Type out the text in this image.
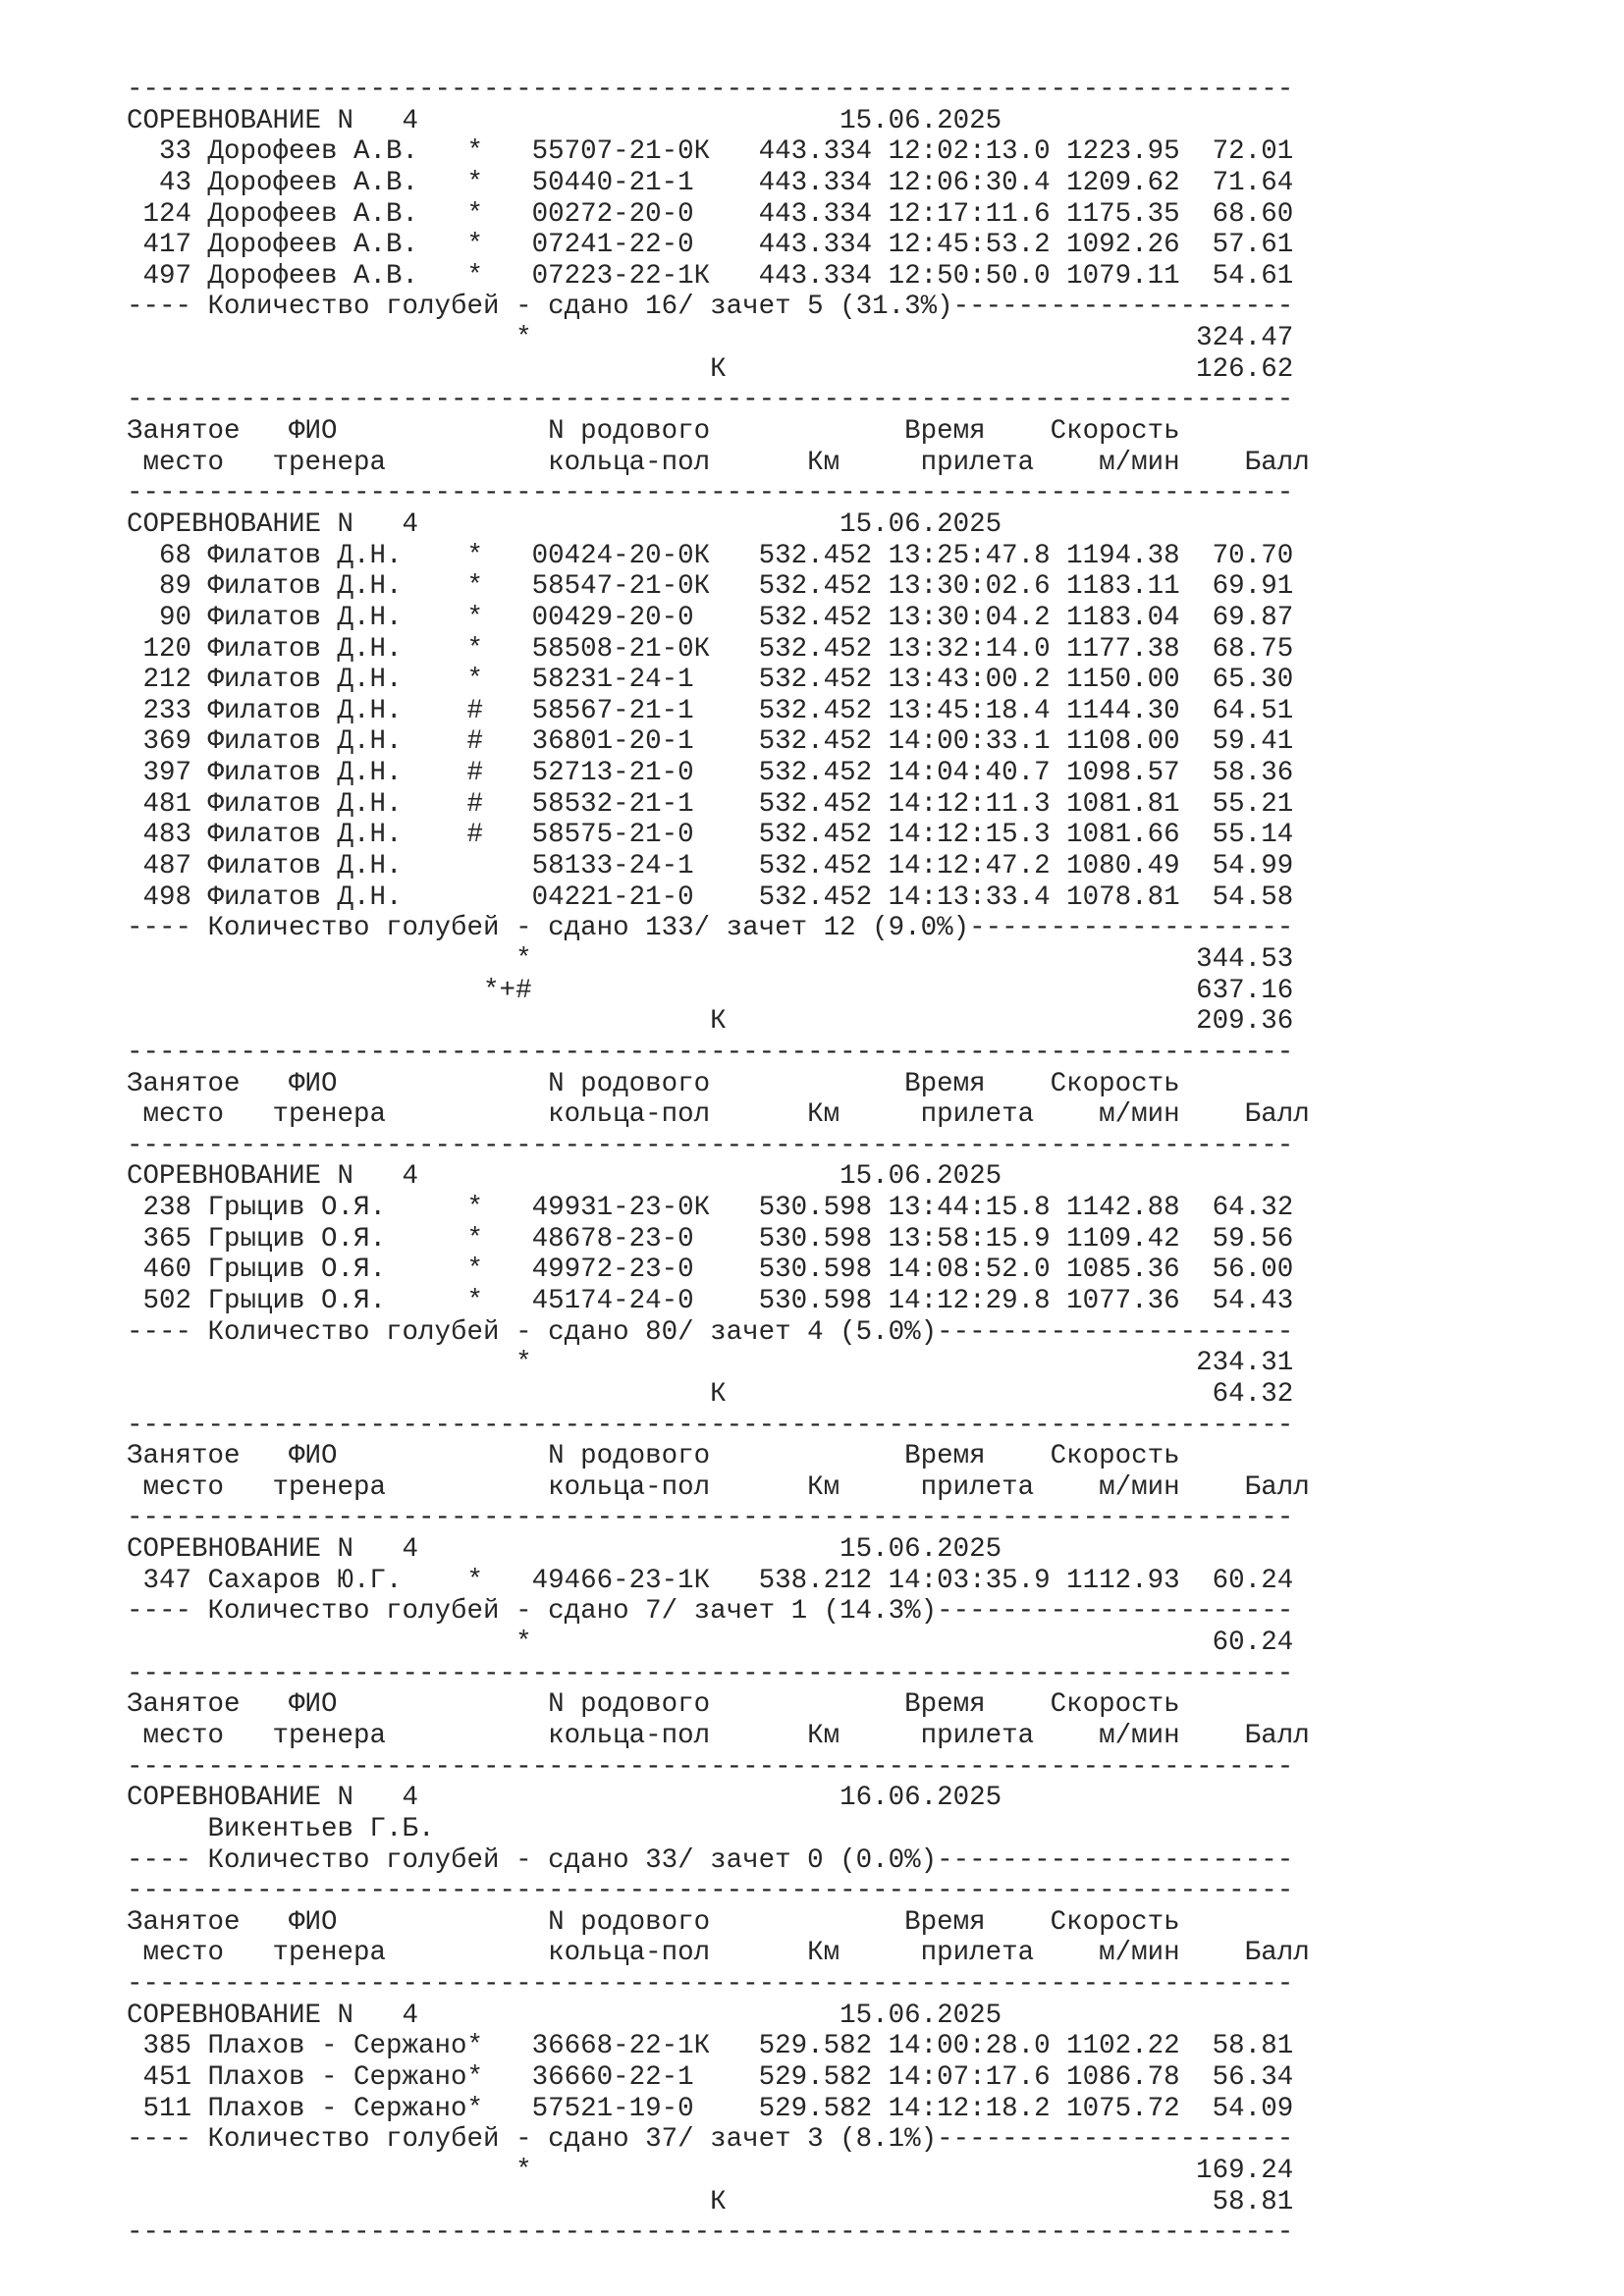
------------------------------------------------------------------------
СОРЕВНОВАНИЕ N   4                          15.06.2025
33 Дорофеев А.В.   *   55707-21-0К   443.334 12:02:13.0 1223.95  72.01
43 Дорофеев А.В.   *   50440-21-1    443.334 12:06:30.4 1209.62  71.64
124 Дорофеев А.В.   *   00272-20-0    443.334 12:17:11.6 1175.35  68.60
417 Дорофеев А.В.   *   07241-22-0    443.334 12:45:53.2 1092.26  57.61
497 Дорофеев А.В.   *   07223-22-1К   443.334 12:50:50.0 1079.11  54.61
---- Количество голубей - сдано 16/ зачет 5 (31.3%)---------------------
*                                         324.47
К                             126.62
------------------------------------------------------------------------
Занятое   ФИО             N родового            Время    Скорость
место   тренера          кольца-пол      Км     прилета    м/мин    Балл
------------------------------------------------------------------------
СОРЕВНОВАНИЕ N   4                          15.06.2025
68 Филатов Д.Н.    *   00424-20-0К   532.452 13:25:47.8 1194.38  70.70
89 Филатов Д.Н.    *   58547-21-0К   532.452 13:30:02.6 1183.11  69.91
90 Филатов Д.Н.    *   00429-20-0    532.452 13:30:04.2 1183.04  69.87
120 Филатов Д.Н.    *   58508-21-0К   532.452 13:32:14.0 1177.38  68.75
212 Филатов Д.Н.    *   58231-24-1    532.452 13:43:00.2 1150.00  65.30
233 Филатов Д.Н.    #   58567-21-1    532.452 13:45:18.4 1144.30  64.51
369 Филатов Д.Н.    #   36801-20-1    532.452 14:00:33.1 1108.00  59.41
397 Филатов Д.Н.    #   52713-21-0    532.452 14:04:40.7 1098.57  58.36
481 Филатов Д.Н.    #   58532-21-1    532.452 14:12:11.3 1081.81  55.21
483 Филатов Д.Н.    #   58575-21-0    532.452 14:12:15.3 1081.66  55.14
487 Филатов Д.Н.        58133-24-1    532.452 14:12:47.2 1080.49  54.99
498 Филатов Д.Н.        04221-21-0    532.452 14:13:33.4 1078.81  54.58
---- Количество голубей - сдано 133/ зачет 12 (9.0%)--------------------
*                                         344.53
*+#                                         637.16
К                             209.36
------------------------------------------------------------------------
Занятое   ФИО             N родового            Время    Скорость
место   тренера          кольца-пол      Км     прилета    м/мин    Балл
------------------------------------------------------------------------
СОРЕВНОВАНИЕ N   4                          15.06.2025
238 Грыцив О.Я.     *   49931-23-0К   530.598 13:44:15.8 1142.88  64.32
365 Грыцив О.Я.     *   48678-23-0    530.598 13:58:15.9 1109.42  59.56
460 Грыцив О.Я.     *   49972-23-0    530.598 14:08:52.0 1085.36  56.00
502 Грыцив О.Я.     *   45174-24-0    530.598 14:12:29.8 1077.36  54.43
---- Количество голубей - сдано 80/ зачет 4 (5.0%)----------------------
*                                         234.31
К                              64.32
------------------------------------------------------------------------
Занятое   ФИО             N родового            Время    Скорость
место   тренера          кольца-пол      Км     прилета    м/мин    Балл
------------------------------------------------------------------------
СОРЕВНОВАНИЕ N   4                          15.06.2025
347 Сахаров Ю.Г.    *   49466-23-1К   538.212 14:03:35.9 1112.93  60.24
---- Количество голубей - сдано 7/ зачет 1 (14.3%)----------------------
*                                          60.24
------------------------------------------------------------------------
Занятое   ФИО             N родового            Время    Скорость
место   тренера          кольца-пол      Км     прилета    м/мин    Балл
------------------------------------------------------------------------
СОРЕВНОВАНИЕ N   4                          16.06.2025
Викентьев Г.Б.
---- Количество голубей - сдано 33/ зачет 0 (0.0%)----------------------
------------------------------------------------------------------------
Занятое   ФИО             N родового            Время    Скорость
место   тренера          кольца-пол      Км     прилета    м/мин    Балл
------------------------------------------------------------------------
СОРЕВНОВАНИЕ N   4                          15.06.2025
385 Плахов - Сержано*   36668-22-1К   529.582 14:00:28.0 1102.22  58.81
451 Плахов - Сержано*   36660-22-1    529.582 14:07:17.6 1086.78  56.34
511 Плахов - Сержано*   57521-19-0    529.582 14:12:18.2 1075.72  54.09
---- Количество голубей - сдано 37/ зачет 3 (8.1%)----------------------
*                                         169.24
К                              58.81
------------------------------------------------------------------------
